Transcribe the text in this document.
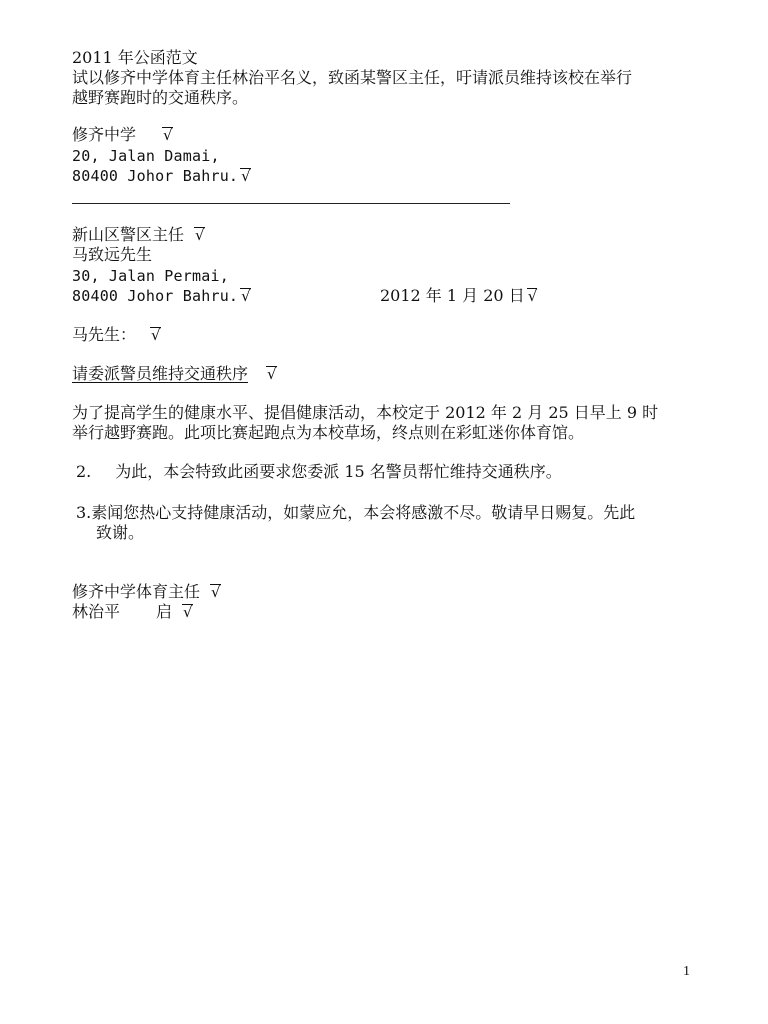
2011 年公函范文
试以修齐中学体育主任林治平名义，致函某警区主任，吁请派员维持该校在举行
越野赛跑时的交通秩序。
修齐中学 √
20, Jalan Damai,
80400 Johor Bahru. √
新山区警区主任 √
马致远先生
30, Jalan Permai,
80400 Johor Bahru. √	2012 年 1 月 20 日 √
马先生： √
请委派警员维持交通秩序 √
为了提高学生的健康水平、提倡健康活动，本校定于 2012 年 2 月 25 日早上 9 时
举行越野赛跑。此项比赛起跑点为本校草场，终点则在彩虹迷你体育馆。
2. 为此，本会特致此函要求您委派 15 名警员帮忙维持交通秩序。
3.素闻您热心支持健康活动，如蒙应允，本会将感激不尽。敬请早日赐复。先此
致谢。
修齐中学体育主任 √
林治平 启 √
1
